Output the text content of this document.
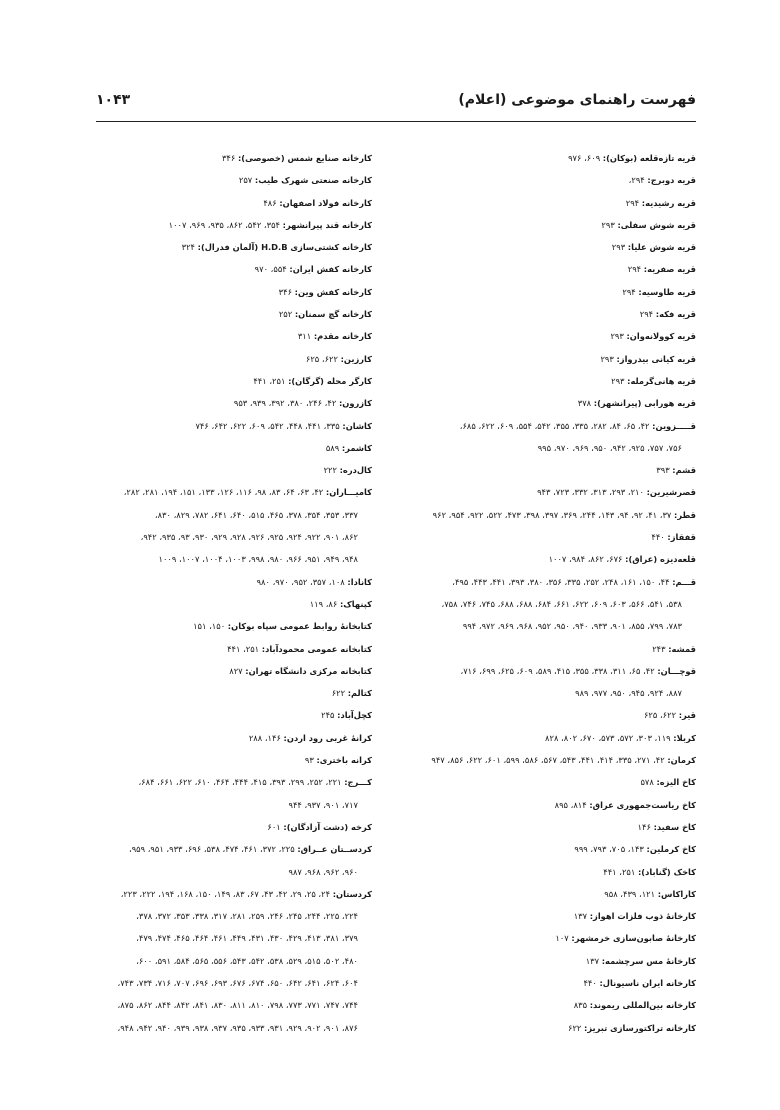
فهرست راهنمای موضوعی (اعلام)
۱۰۴۳
قریه تازه‌قلعه (بوکان): ۶۰۹، ۹۷۶
قریه دوبرج: ۲۹۴،
قریه رشیدیه: ۲۹۴
قریه شوش سفلی: ۲۹۳
قریه شوش علیا: ۲۹۳
قریه صفریه: ۲۹۴
قریه طاوسیه: ۲۹۴
قریه فکه: ۲۹۴
قریه کوولانه‌وان: ۲۹۳
قریه کیانی بیدرواز: ۲۹۳
قریه هانی‌گرمله: ۲۹۳
قریه هورابی (پیرانشهر): ۳۷۸
قـــــزوین: ۴۲، ۶۵، ۸۴، ۲۸۲، ۳۳۵، ۳۵۵، ۵۴۲، ۵۵۴، ۶۰۹، ۶۲۲، ۶۸۵،
۷۵۶، ۷۵۷، ۹۲۵، ۹۴۲، ۹۵۰، ۹۶۹، ۹۷۰، ۹۹۵
قشم: ۳۹۳
قصرشیرین: ۲۱۰، ۲۹۳، ۳۱۳، ۳۳۲، ۷۲۳، ۹۴۳
قطر: ۳۷، ۴۱، ۹۲، ۹۴، ۱۴۳، ۲۴۴، ۳۶۹، ۳۹۷، ۳۹۸، ۴۷۳، ۵۲۲، ۹۲۲، ۹۵۴، ۹۶۲
قفقاز: ۴۴۰
قلعه‌دیزه (عراق): ۶۷۶، ۸۶۲، ۹۸۴، ۱۰۰۷
قـــم: ۴۴، ۱۵۰، ۱۶۱، ۲۴۸، ۲۵۲، ۳۳۵، ۳۵۶، ۳۸۰، ۳۹۳، ۴۴۱، ۴۴۳، ۴۹۵،
۵۳۸، ۵۴۱، ۵۶۶، ۶۰۳، ۶۰۹، ۶۲۲، ۶۶۱، ۶۸۴، ۶۸۸، ۶۸۸، ۷۴۵، ۷۴۶، ۷۵۸،
۷۸۳، ۷۹۹، ۸۵۵، ۹۰۱، ۹۳۳، ۹۴۰، ۹۵۰، ۹۵۲، ۹۶۸، ۹۶۹، ۹۷۲، ۹۹۴
قمشه: ۲۴۳
قوچـــان: ۴۲، ۶۵، ۳۱۱، ۳۳۸، ۳۵۵، ۴۱۵، ۵۸۹، ۶۰۹، ۶۲۵، ۶۹۹، ۷۱۶،
۸۸۷، ۹۲۴، ۹۴۵، ۹۵۰، ۹۷۷، ۹۸۹
قیر: ۶۲۲، ۶۲۵
کربلا: ۱۱۹، ۳۰۳، ۵۷۲، ۵۷۳، ۶۷۰، ۸۰۲، ۸۲۸
کرمان: ۴۲، ۲۷۱، ۳۳۵، ۴۱۴، ۴۴۱، ۵۴۳، ۵۶۷، ۵۸۶، ۵۹۹، ۶۰۱، ۶۲۲، ۸۵۶، ۹۴۷
کاخ الیزه: ۵۷۸
کاخ ریاست‌جمهوری عراق: ۸۱۴، ۸۹۵
کاخ سفید: ۱۴۶
کاخ کرملین: ۱۴۳، ۷۰۵، ۷۹۳، ۹۹۹
کاخک (گناباد): ۲۵۱، ۴۴۱
کاراکاس: ۱۲۱، ۴۳۹، ۹۵۸
کارخانۀ ذوب فلزات اهواز: ۱۳۷
کارخانۀ صابون‌سازی خرمشهر: ۱۰۷
کارخانۀ مس سرچشمه: ۱۳۷
کارخانه ایران ناسیونال: ۴۴۰
کارخانه بین‌المللی ریموند: ۸۳۵
کارخانه تراکتورسازی تبریز: ۶۲۲
کارخانه صنایع شمس (خصوصی): ۳۴۶
کارخانه صنعتی شهرک طیب: ۲۵۷
کارخانه فولاد اصفهان: ۴۸۶
کارخانه قند پیرانشهر: ۳۵۴، ۵۴۲، ۸۶۲، ۹۳۵، ۹۶۹، ۱۰۰۷
کارخانه کشتی‌سازی H.D.B (آلمان فدرال): ۳۲۴
کارخانه کفش ایران: ۵۵۴، ۹۷۰
کارخانه کفش وین: ۳۴۶
کارخانه گچ سمنان: ۲۵۲
کارخانه مقدم: ۳۱۱
کارزین: ۶۲۲، ۶۲۵
کارگر محله (گرگان): ۲۵۱، ۴۴۱
کازرون: ۴۲، ۲۴۶، ۳۸۰، ۳۹۲، ۹۳۹، ۹۵۳
کاشان: ۳۳۵، ۴۴۱، ۴۴۸، ۵۴۲، ۶۰۹، ۶۲۲، ۶۴۲، ۷۴۶
کاشمر: ۵۸۹
کال‌دره: ۲۲۲
کامیـــاران: ۴۲، ۶۳، ۶۴، ۸۳، ۹۸، ۱۱۶، ۱۲۶، ۱۳۳، ۱۵۱، ۱۹۴، ۲۸۱، ۲۸۲،
۳۳۷، ۳۵۳، ۳۵۴، ۳۷۸، ۴۶۵، ۵۱۵، ۶۴۰، ۶۴۱، ۷۸۲، ۸۲۹، ۸۳۰،
۸۶۲، ۹۰۱، ۹۲۲، ۹۲۴، ۹۲۵، ۹۲۶، ۹۲۸، ۹۲۹، ۹۳۰، ۹۳، ۹۳۵، ۹۴۲،
۹۴۸، ۹۴۹، ۹۵۱، ۹۶۶، ۹۸۰، ۹۹۸، ۱۰۰۳، ۱۰۰۴، ۱۰۰۷، ۱۰۰۹
کانادا: ۱۰۸، ۳۵۷، ۹۵۲، ۹۷۰، ۹۸۰
کپنهاک: ۸۶، ۱۱۹
کتابخانۀ روابط عمومی سپاه بوکان: ۱۵۰، ۱۵۱
کتابخانه عمومی محمودآباد: ۲۵۱، ۴۴۱
کتابخانه مرکزی دانشگاه تهران: ۸۲۷
کتالم: ۶۲۲
کچل‌آباد: ۲۴۵
کرانۀ غربی رود اردن: ۱۴۶، ۲۸۸
کرانه باختری: ۹۳
کـــرج: ۲۲۱، ۲۵۲، ۲۹۹، ۳۹۳، ۴۱۵، ۴۴۴، ۴۶۴، ۶۱۰، ۶۲۲، ۶۶۱، ۶۸۴،
۷۱۷، ۹۰۱، ۹۳۷، ۹۴۴
کرخه (دشت آزادگان): ۶۰۱
کردســتان عــراق: ۲۲۵، ۳۷۲، ۴۶۱، ۴۷۴، ۵۳۸، ۶۹۶، ۹۳۳، ۹۵۱، ۹۵۹،
۹۶۰، ۹۶۲، ۹۶۸، ۹۸۷
کردستان: ۲۴، ۲۵، ۲۹، ۴۲، ۴۳، ۶۷، ۸۳، ۱۴۹، ۱۵۰، ۱۶۸، ۱۹۴، ۲۲۲، ۲۲۳،
۲۲۴، ۲۲۵، ۲۴۴، ۲۴۵، ۲۴۶، ۲۵۹، ۲۸۱، ۳۱۷، ۳۳۸، ۳۵۳، ۳۷۲، ۳۷۸،
۳۷۹، ۳۸۱، ۴۱۳، ۴۲۹، ۴۳۰، ۴۳۱، ۴۴۹، ۴۶۱، ۴۶۴، ۴۶۵، ۴۷۴، ۴۷۹،
۴۸۰، ۵۰۲، ۵۱۵، ۵۲۹، ۵۳۸، ۵۴۲، ۵۴۳، ۵۵۶، ۵۶۵، ۵۸۴، ۵۹۱، ۶۰۰،
۶۰۴، ۶۲۴، ۶۴۱، ۶۴۲، ۶۵۰، ۶۷۴، ۶۷۶، ۶۹۳، ۶۹۶، ۷۰۷، ۷۱۶، ۷۳۴، ۷۴۳،
۷۴۴، ۷۴۷، ۷۷۱، ۷۷۳، ۷۹۸، ۸۱۰، ۸۱۱، ۸۳۰، ۸۴۱، ۸۴۲، ۸۴۴، ۸۶۲، ۸۷۵،
۸۷۶، ۹۰۱، ۹۰۲، ۹۲۹، ۹۳۱، ۹۳۳، ۹۳۵، ۹۳۷، ۹۳۸، ۹۳۹، ۹۴۰، ۹۴۲، ۹۴۸،
